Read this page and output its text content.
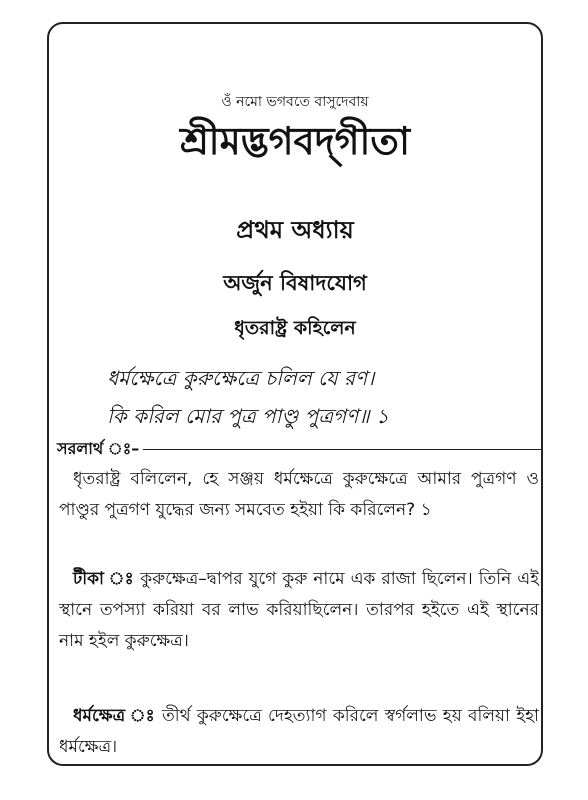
ওঁ নমো ভগবতে বাসুদেবায়
শ্রীমদ্ভগবদ্‌গীতা
প্রথম অধ্যায়
অর্জুন বিষাদযোগ
ধৃতরাষ্ট্র কহিলেন
ধর্মক্ষেত্রে কুরুক্ষেত্রে চলিল যে রণ।
কি করিল মোর পুত্র পাণ্ডু পুত্রগণ॥ ১
সরলার্থ ঃ–

ধৃতরাষ্ট্র বলিলেন, হে সঞ্জয় ধর্মক্ষেত্রে কুরুক্ষেত্রে আমার পুত্রগণ ও পাণ্ডুর পুত্রগণ যুদ্ধের জন্য সমবেত হইয়া কি করিলেন? ১

টীকা ঃ কুরুক্ষেত্র–দ্বাপর যুগে কুরু নামে এক রাজা ছিলেন। তিনি এই স্থানে তপস্যা করিয়া বর লাভ করিয়াছিলেন। তারপর হইতে এই স্থানের নাম হইল কুরুক্ষেত্র।

ধর্মক্ষেত্র ঃ তীর্থ কুরুক্ষেত্রে দেহত্যাগ করিলে স্বর্গলাভ হয় বলিয়া ইহা ধর্মক্ষেত্র।
